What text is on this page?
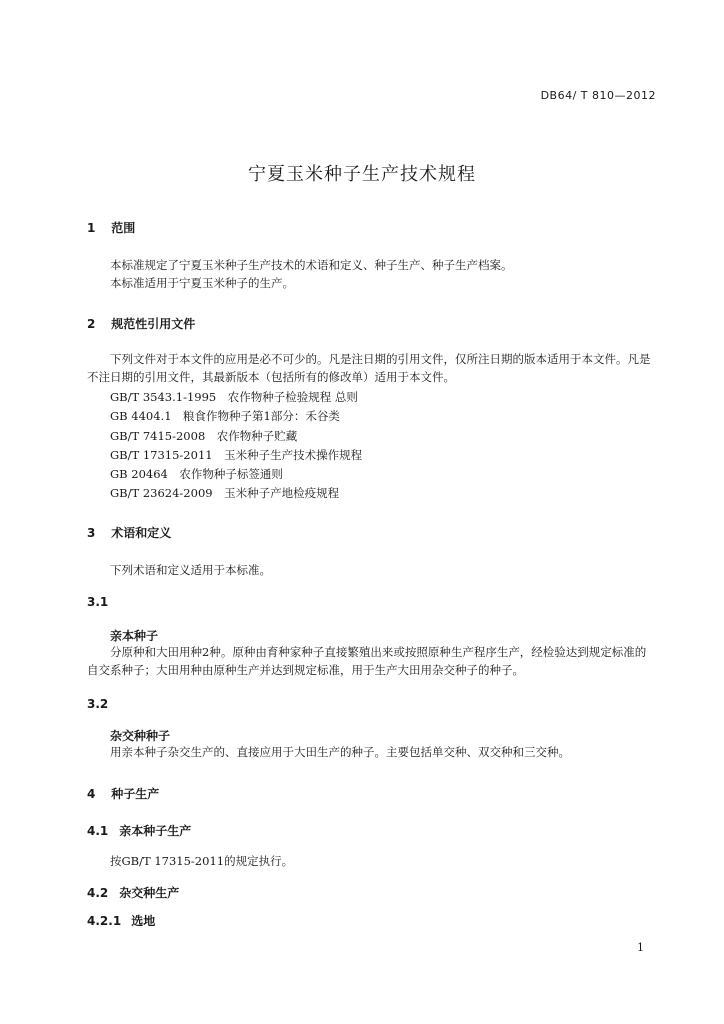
DB64/ T 810—2012
宁夏玉米种子生产技术规程
1 范围
本标准规定了宁夏玉米种子生产技术的术语和定义、种子生产、种子生产档案。
本标准适用于宁夏玉米种子的生产。
2 规范性引用文件
下列文件对于本文件的应用是必不可少的。凡是注日期的引用文件，仅所注日期的版本适用于本文件。凡是不注日期的引用文件，其最新版本（包括所有的修改单）适用于本文件。
GB/T 3543.1-1995　农作物种子检验规程 总则
GB 4404.1　粮食作物种子第1部分：禾谷类
GB/T 7415-2008　农作物种子贮藏
GB/T 17315-2011　玉米种子生产技术操作规程
GB 20464　农作物种子标签通则
GB/T 23624-2009　玉米种子产地检疫规程
3 术语和定义
下列术语和定义适用于本标准。
3.1
亲本种子
分原种和大田用种2种。原种由育种家种子直接繁殖出来或按照原种生产程序生产，经检验达到规定标准的自交系种子；大田用种由原种生产并达到规定标准，用于生产大田用杂交种子的种子。
3.2
杂交种种子
用亲本种子杂交生产的、直接应用于大田生产的种子。主要包括单交种、双交种和三交种。
4 种子生产
4.1 亲本种子生产
按GB/T 17315-2011的规定执行。
4.2 杂交种生产
4.2.1 选地
1
